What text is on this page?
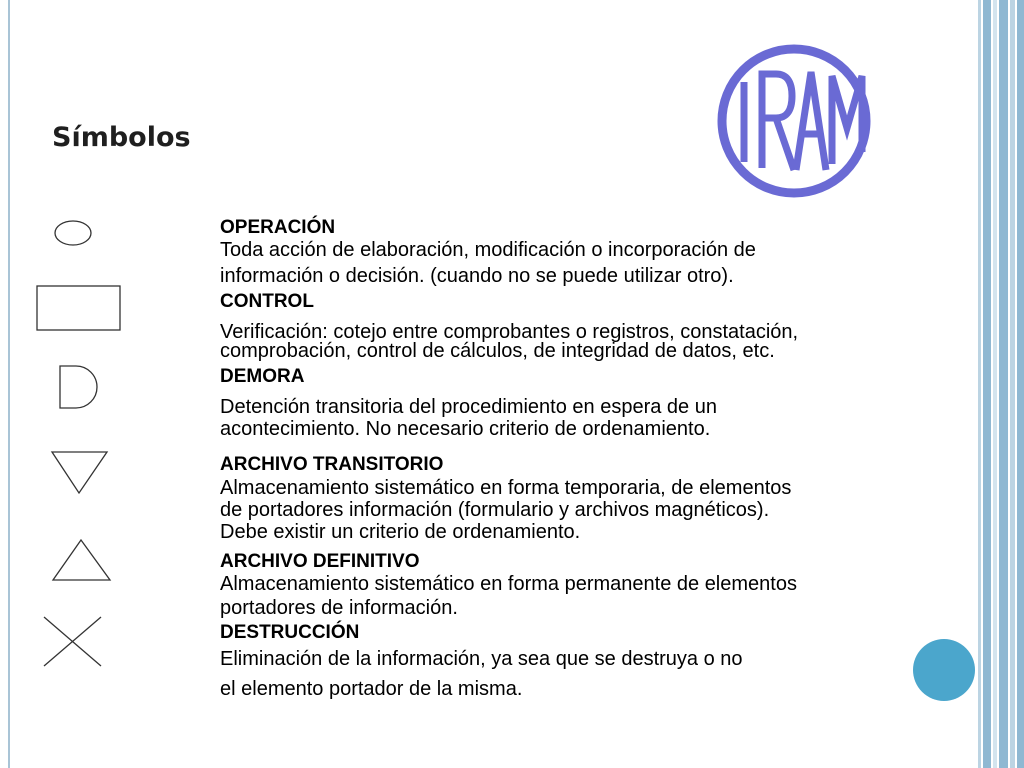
Símbolos
OPERACIÓN

Toda acción de elaboración, modificación o incorporación de

información o decisión. (cuando no se puede utilizar otro).

CONTROL

Verificación: cotejo entre comprobantes o registros, constatación,

comprobación, control de cálculos, de integridad de datos, etc.

DEMORA

Detención transitoria del procedimiento en espera de un

acontecimiento. No necesario criterio de ordenamiento.

ARCHIVO TRANSITORIO

Almacenamiento sistemático en forma temporaria, de elementos

de portadores información (formulario y archivos magnéticos).

Debe existir un criterio de ordenamiento.

ARCHIVO DEFINITIVO

Almacenamiento sistemático en forma permanente de elementos

portadores de información.

DESTRUCCIÓN

Eliminación de la información, ya sea que se destruya o no

el elemento portador de la misma.
